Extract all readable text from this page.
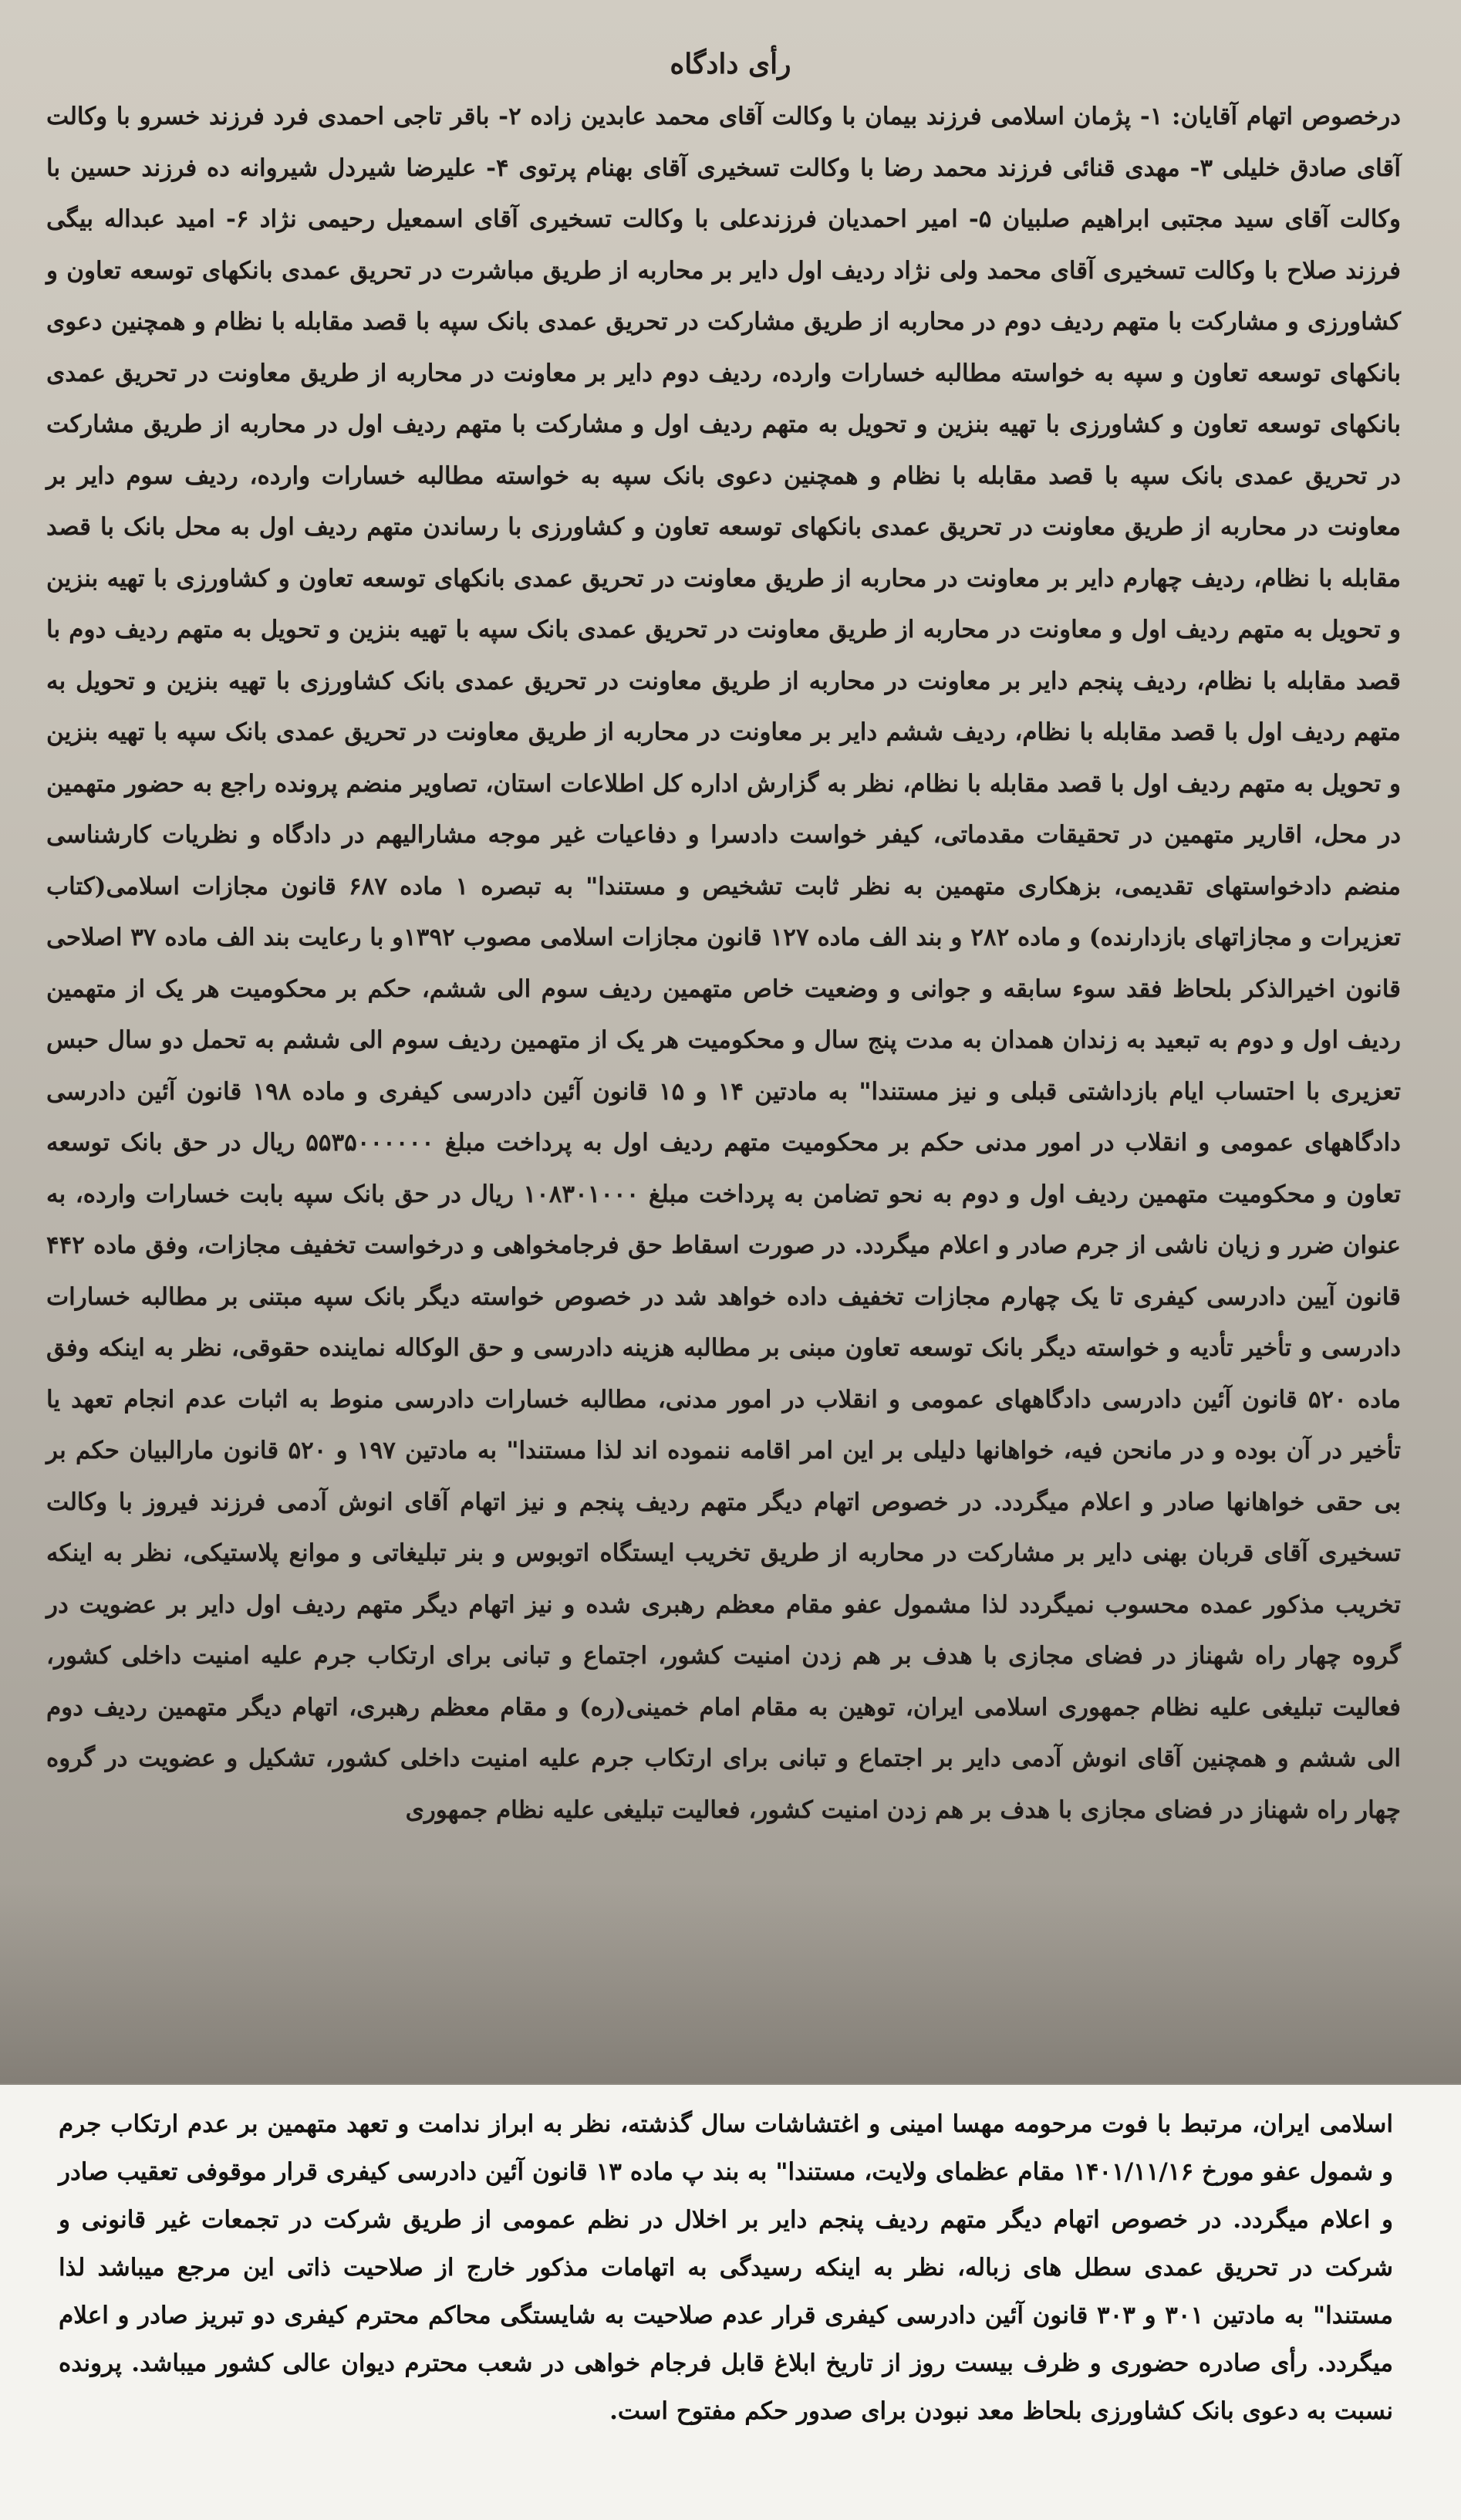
رأی دادگاه

درخصوص اتهام آقایان: ۱- پژمان اسلامی فرزند بیمان با وکالت آقای محمد عابدین زاده ۲- باقر تاجی احمدی فرد فرزند خسرو با وکالت آقای صادق خلیلی ۳- مهدی قنائی فرزند محمد رضا با وکالت تسخیری آقای بهنام پرتوی ۴- علیرضا شیردل شیروانه ده فرزند حسین با وکالت آقای سید مجتبی ابراهیم صلبیان ۵- امیر احمدیان فرزندعلی با وکالت تسخیری آقای اسمعیل رحیمی نژاد ۶- امید عبداله بیگی فرزند صلاح با وکالت تسخیری آقای محمد ولی نژاد ردیف اول دایر بر محاربه از طریق مباشرت در تحریق عمدی بانکهای توسعه تعاون و کشاورزی و مشارکت با متهم ردیف دوم در محاربه از طریق مشارکت در تحریق عمدی بانک سپه با قصد مقابله با نظام و همچنین دعوی بانکهای توسعه تعاون و سپه به خواسته مطالبه خسارات وارده، ردیف دوم دایر بر معاونت در محاربه از طریق معاونت در تحریق عمدی بانکهای توسعه تعاون و کشاورزی با تهیه بنزین و تحویل به متهم ردیف اول و مشارکت با متهم ردیف اول در محاربه از طریق مشارکت در تحریق عمدی بانک سپه با قصد مقابله با نظام و همچنین دعوی بانک سپه به خواسته مطالبه خسارات وارده، ردیف سوم دایر بر معاونت در محاربه از طریق معاونت در تحریق عمدی بانکهای توسعه تعاون و کشاورزی با رساندن متهم ردیف اول به محل بانک با قصد مقابله با نظام، ردیف چهارم دایر بر معاونت در محاربه از طریق معاونت در تحریق عمدی بانکهای توسعه تعاون و کشاورزی با تهیه بنزین و تحویل به متهم ردیف اول و معاونت در محاربه از طریق معاونت در تحریق عمدی بانک سپه با تهیه بنزین و تحویل به متهم ردیف دوم با قصد مقابله با نظام، ردیف پنجم دایر بر معاونت در محاربه از طریق معاونت در تحریق عمدی بانک کشاورزی با تهیه بنزین و تحویل به متهم ردیف اول با قصد مقابله با نظام، ردیف ششم دایر بر معاونت در محاربه از طریق معاونت در تحریق عمدی بانک سپه با تهیه بنزین و تحویل به متهم ردیف اول با قصد مقابله با نظام، نظر به گزارش اداره کل اطلاعات استان، تصاویر منضم پرونده راجع به حضور متهمین در محل، اقاریر متهمین در تحقیقات مقدماتی، کیفر خواست دادسرا و دفاعیات غیر موجه مشارالیهم در دادگاه و نظریات کارشناسی منضم دادخواستهای تقدیمی، بزهکاری متهمین به نظر ثابت تشخیص و مستندا" به تبصره ۱ ماده ۶۸۷ قانون مجازات اسلامی(کتاب تعزیرات و مجازاتهای بازدارنده) و ماده ۲۸۲ و بند الف ماده ۱۲۷ قانون مجازات اسلامی مصوب ۱۳۹۲و با رعایت بند الف ماده ۳۷ اصلاحی قانون اخیرالذکر بلحاظ فقد سوء سابقه و جوانی و وضعیت خاص متهمین ردیف سوم الی ششم، حکم بر محکومیت هر یک از متهمین ردیف اول و دوم به تبعید به زندان همدان به مدت پنج سال و محکومیت هر یک از متهمین ردیف سوم الی ششم به تحمل دو سال حبس تعزیری با احتساب ایام بازداشتی قبلی و نیز مستندا" به مادتین ۱۴ و ۱۵ قانون آئین دادرسی کیفری و ماده ۱۹۸ قانون آئین دادرسی دادگاههای عمومی و انقلاب در امور مدنی حکم بر محکومیت متهم ردیف اول به پرداخت مبلغ ۵۵۳۵۰۰۰۰۰۰ ریال در حق بانک توسعه تعاون و محکومیت متهمین ردیف اول و دوم به نحو تضامن به پرداخت مبلغ ۱۰۸۳۰۱۰۰۰ ریال در حق بانک سپه بابت خسارات وارده، به عنوان ضرر و زیان ناشی از جرم صادر و اعلام میگردد. در صورت اسقاط حق فرجامخواهی و درخواست تخفیف مجازات، وفق ماده ۴۴۲ قانون آیین دادرسی کیفری تا یک چهارم مجازات تخفیف داده خواهد شد در خصوص خواسته دیگر بانک سپه مبتنی بر مطالبه خسارات دادرسی و تأخیر تأدیه و خواسته دیگر بانک توسعه تعاون مبنی بر مطالبه هزینه دادرسی و حق الوکاله نماینده حقوقی، نظر به اینکه وفق ماده ۵۲۰ قانون آئین دادرسی دادگاههای عمومی و انقلاب در امور مدنی، مطالبه خسارات دادرسی منوط به اثبات عدم انجام تعهد یا تأخیر در آن بوده و در مانحن فیه، خواهانها دلیلی بر این امر اقامه ننموده اند لذا مستندا" به مادتین ۱۹۷ و ۵۲۰ قانون مارالبیان حکم بر بی حقی خواهانها صادر و اعلام میگردد. در خصوص اتهام دیگر متهم ردیف پنجم و نیز اتهام آقای انوش آدمی فرزند فیروز با وکالت تسخیری آقای قربان بهنی دایر بر مشارکت در محاربه از طریق تخریب ایستگاه اتوبوس و بنر تبلیغاتی و موانع پلاستیکی، نظر به اینکه تخریب مذکور عمده محسوب نمیگردد لذا مشمول عفو مقام معظم رهبری شده و نیز اتهام دیگر متهم ردیف اول دایر بر عضویت در گروه چهار راه شهناز در فضای مجازی با هدف بر هم زدن امنیت کشور، اجتماع و تبانی برای ارتکاب جرم علیه امنیت داخلی کشور، فعالیت تبلیغی علیه نظام جمهوری اسلامی ایران، توهین به مقام امام خمینی(ره) و مقام معظم رهبری، اتهام دیگر متهمین ردیف دوم الی ششم و همچنین آقای انوش آدمی دایر بر اجتماع و تبانی برای ارتکاب جرم علیه امنیت داخلی کشور، تشکیل و عضویت در گروه چهار راه شهناز در فضای مجازی با هدف بر هم زدن امنیت کشور، فعالیت تبلیغی علیه نظام جمهوری

اسلامی ایران، مرتبط با فوت مرحومه مهسا امینی و اغتشاشات سال گذشته، نظر به ابراز ندامت و تعهد متهمین بر عدم ارتکاب جرم و شمول عفو مورخ ۱۴۰۱/۱۱/۱۶ مقام عظمای ولایت، مستندا" به بند پ ماده ۱۳ قانون آئین دادرسی کیفری قرار موقوفی تعقیب صادر و اعلام میگردد. در خصوص اتهام دیگر متهم ردیف پنجم دایر بر اخلال در نظم عمومی از طریق شرکت در تجمعات غیر قانونی و شرکت در تحریق عمدی سطل های زباله، نظر به اینکه رسیدگی به اتهامات مذکور خارج از صلاحیت ذاتی این مرجع میباشد لذا مستندا" به مادتین ۳۰۱ و ۳۰۳ قانون آئین دادرسی کیفری قرار عدم صلاحیت به شایستگی محاکم محترم کیفری دو تبریز صادر و اعلام میگردد. رأی صادره حضوری و ظرف بیست روز از تاریخ ابلاغ قابل فرجام خواهی در شعب محترم دیوان عالی کشور میباشد. پرونده نسبت به دعوی بانک کشاورزی بلحاظ معد نبودن برای صدور حکم مفتوح است.
